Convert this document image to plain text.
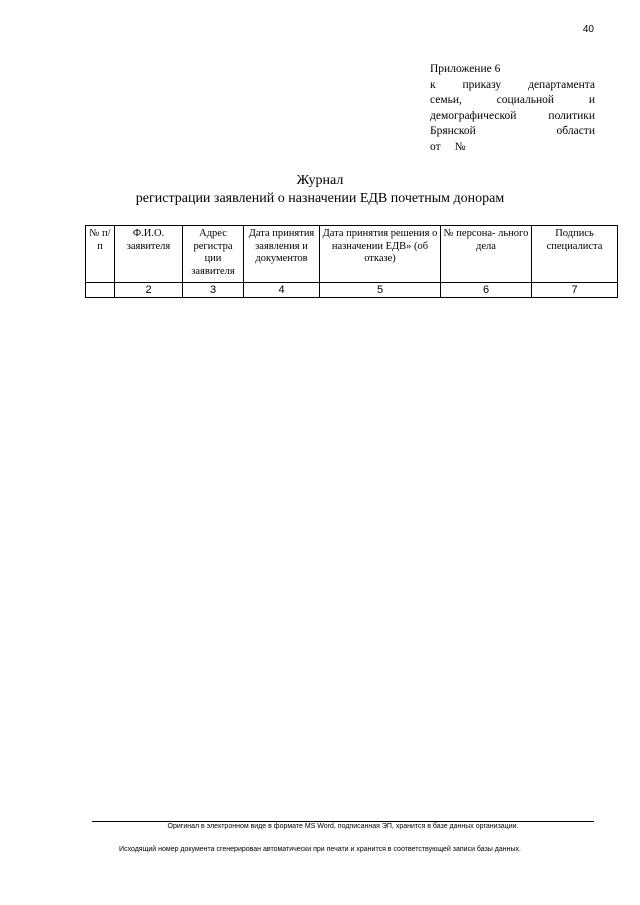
40
Приложение 6
к приказу департамента
семьи, социальной и
демографической политики
Брянской области
от №
Журнал
регистрации заявлений о назначении ЕДВ почетным донорам
№ п/п	Ф.И.О. заявителя	Адрес регистра ции заявителя	Дата принятия заявления и документов	Дата принятия решения о назначении ЕДВ» (об отказе)	№ персона- льного дела	Подпись специалиста
	2	3	4	5	6	7
Оригинал в электронном виде в формате MS Word, подписанная ЭП, хранится в базе данных организации.
Исходящий номер документа сгенерирован автоматически при печати и хранится в соответствующей записи базы данных.
